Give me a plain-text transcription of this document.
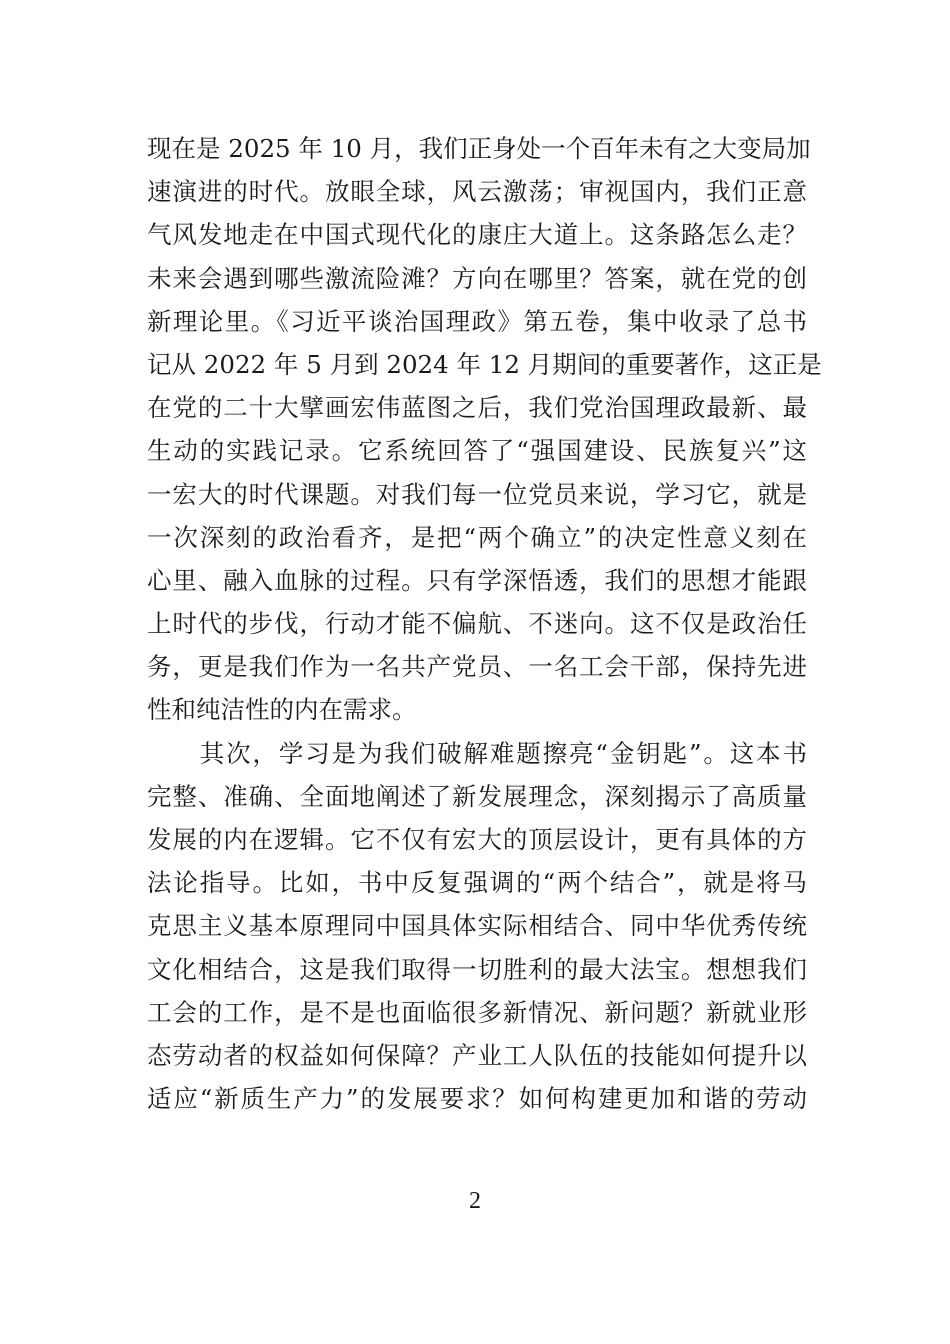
现在是 2025 年 10 月，我们正身处一个百年未有之大变局加
速演进的时代。放眼全球，风云激荡；审视国内，我们正意
气风发地走在中国式现代化的康庄大道上。这条路怎么走？
未来会遇到哪些激流险滩？方向在哪里？答案，就在党的创
新理论里。《习近平谈治国理政》第五卷，集中收录了总书
记从 2022 年 5 月到 2024 年 12 月期间的重要著作，这正是
在党的二十大擘画宏伟蓝图之后，我们党治国理政最新、最
生动的实践记录。它系统回答了“强国建设、民族复兴”这
一宏大的时代课题。对我们每一位党员来说，学习它，就是
一次深刻的政治看齐，是把“两个确立”的决定性意义刻在
心里、融入血脉的过程。只有学深悟透，我们的思想才能跟
上时代的步伐，行动才能不偏航、不迷向。这不仅是政治任
务，更是我们作为一名共产党员、一名工会干部，保持先进
性和纯洁性的内在需求。
　　其次，学习是为我们破解难题擦亮“金钥匙”。这本书
完整、准确、全面地阐述了新发展理念，深刻揭示了高质量
发展的内在逻辑。它不仅有宏大的顶层设计，更有具体的方
法论指导。比如，书中反复强调的“两个结合”，就是将马
克思主义基本原理同中国具体实际相结合、同中华优秀传统
文化相结合，这是我们取得一切胜利的最大法宝。想想我们
工会的工作，是不是也面临很多新情况、新问题？新就业形
态劳动者的权益如何保障？产业工人队伍的技能如何提升以
适应“新质生产力”的发展要求？如何构建更加和谐的劳动
2
